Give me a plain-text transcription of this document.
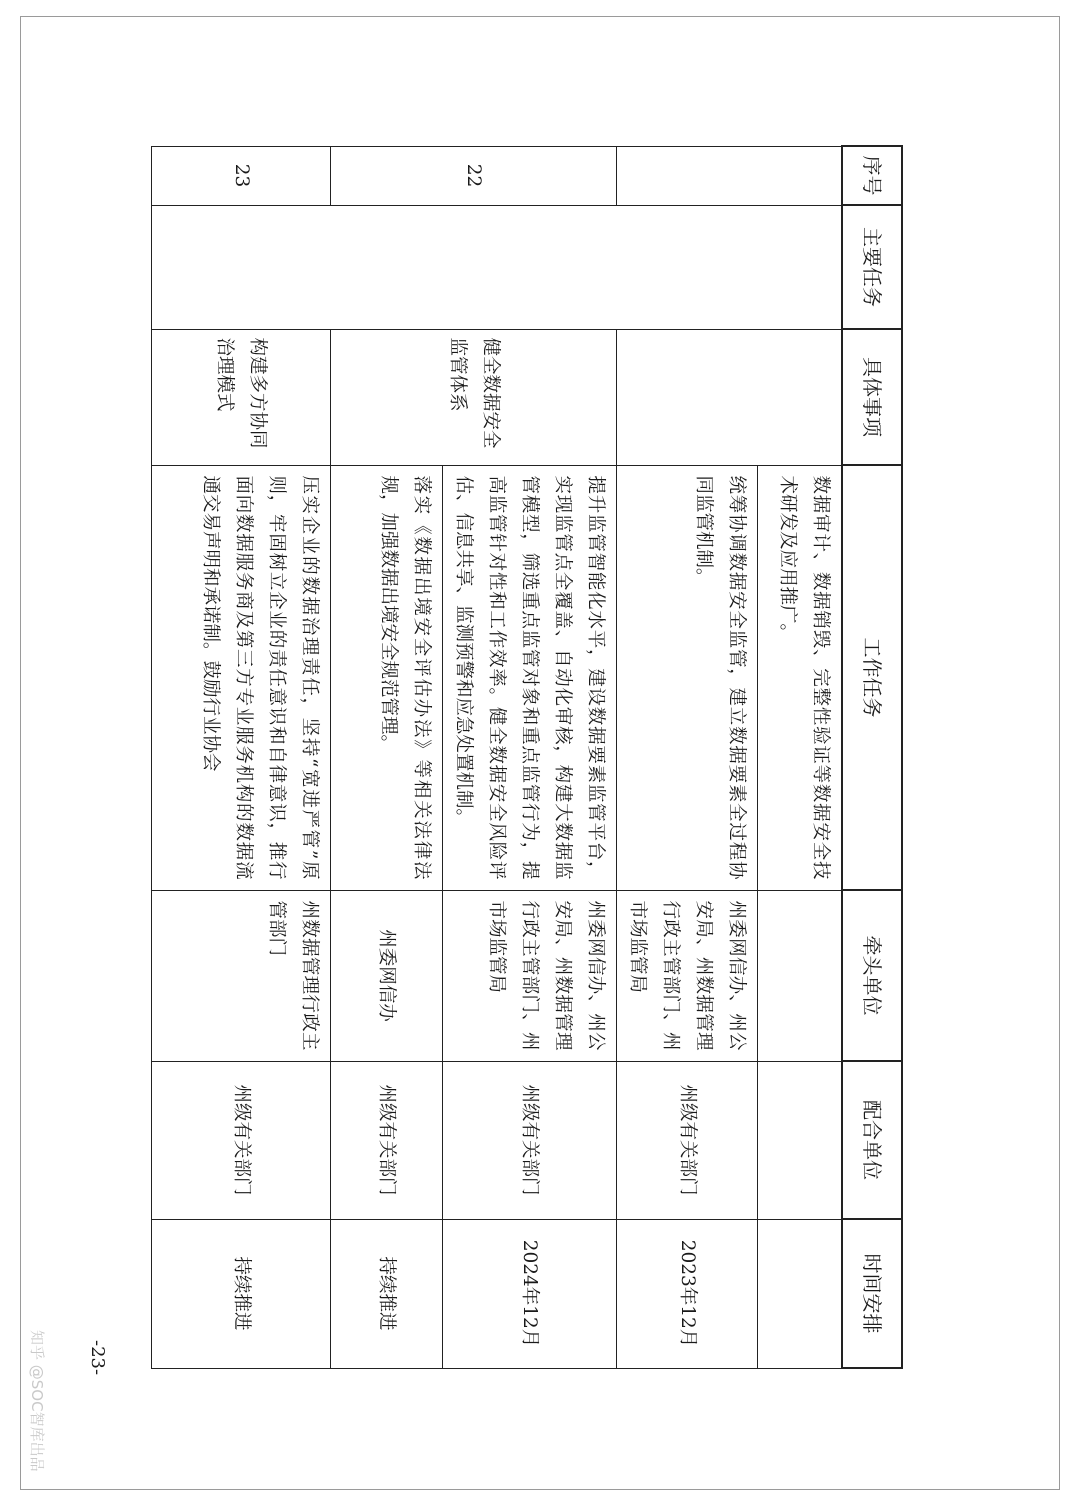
序号	主要任务	具体事项	工作任务	牵头单位	配合单位	时间安排
			数据审计、数据销毁、完整性验证等数据安全技术研发及应用推广。			
			统筹协调数据安全监管，建立数据要素全过程协同监管机制。	州委网信办、州公安局、州数据管理行政主管部门、州市场监管局	州级有关部门	2023年12月
22		健全数据安全监管体系	提升监管智能化水平，建设数据要素监管平台，实现监管点全覆盖、自动化审核，构建大数据监管模型，筛选重点监管对象和重点监管行为，提高监管针对性和工作效率。健全数据安全风险评估、信息共享、监测预警和应急处置机制。	州委网信办、州公安局、州数据管理行政主管部门、州市场监管局	州级有关部门	2024年12月
			落实《数据出境安全评估办法》等相关法律法规，加强数据出境安全规范管理。	州委网信办	州级有关部门	持续推进
23		构建多方协同治理模式	压实企业的数据治理责任，坚持“宽进严管”原则，牢固树立企业的责任意识和自律意识，推行面向数据服务商及第三方专业服务机构的数据流通交易声明和承诺制。鼓励行业协会	州数据管理行政主管部门	州级有关部门	持续推进
-23-
知乎 @SOC智库出品
